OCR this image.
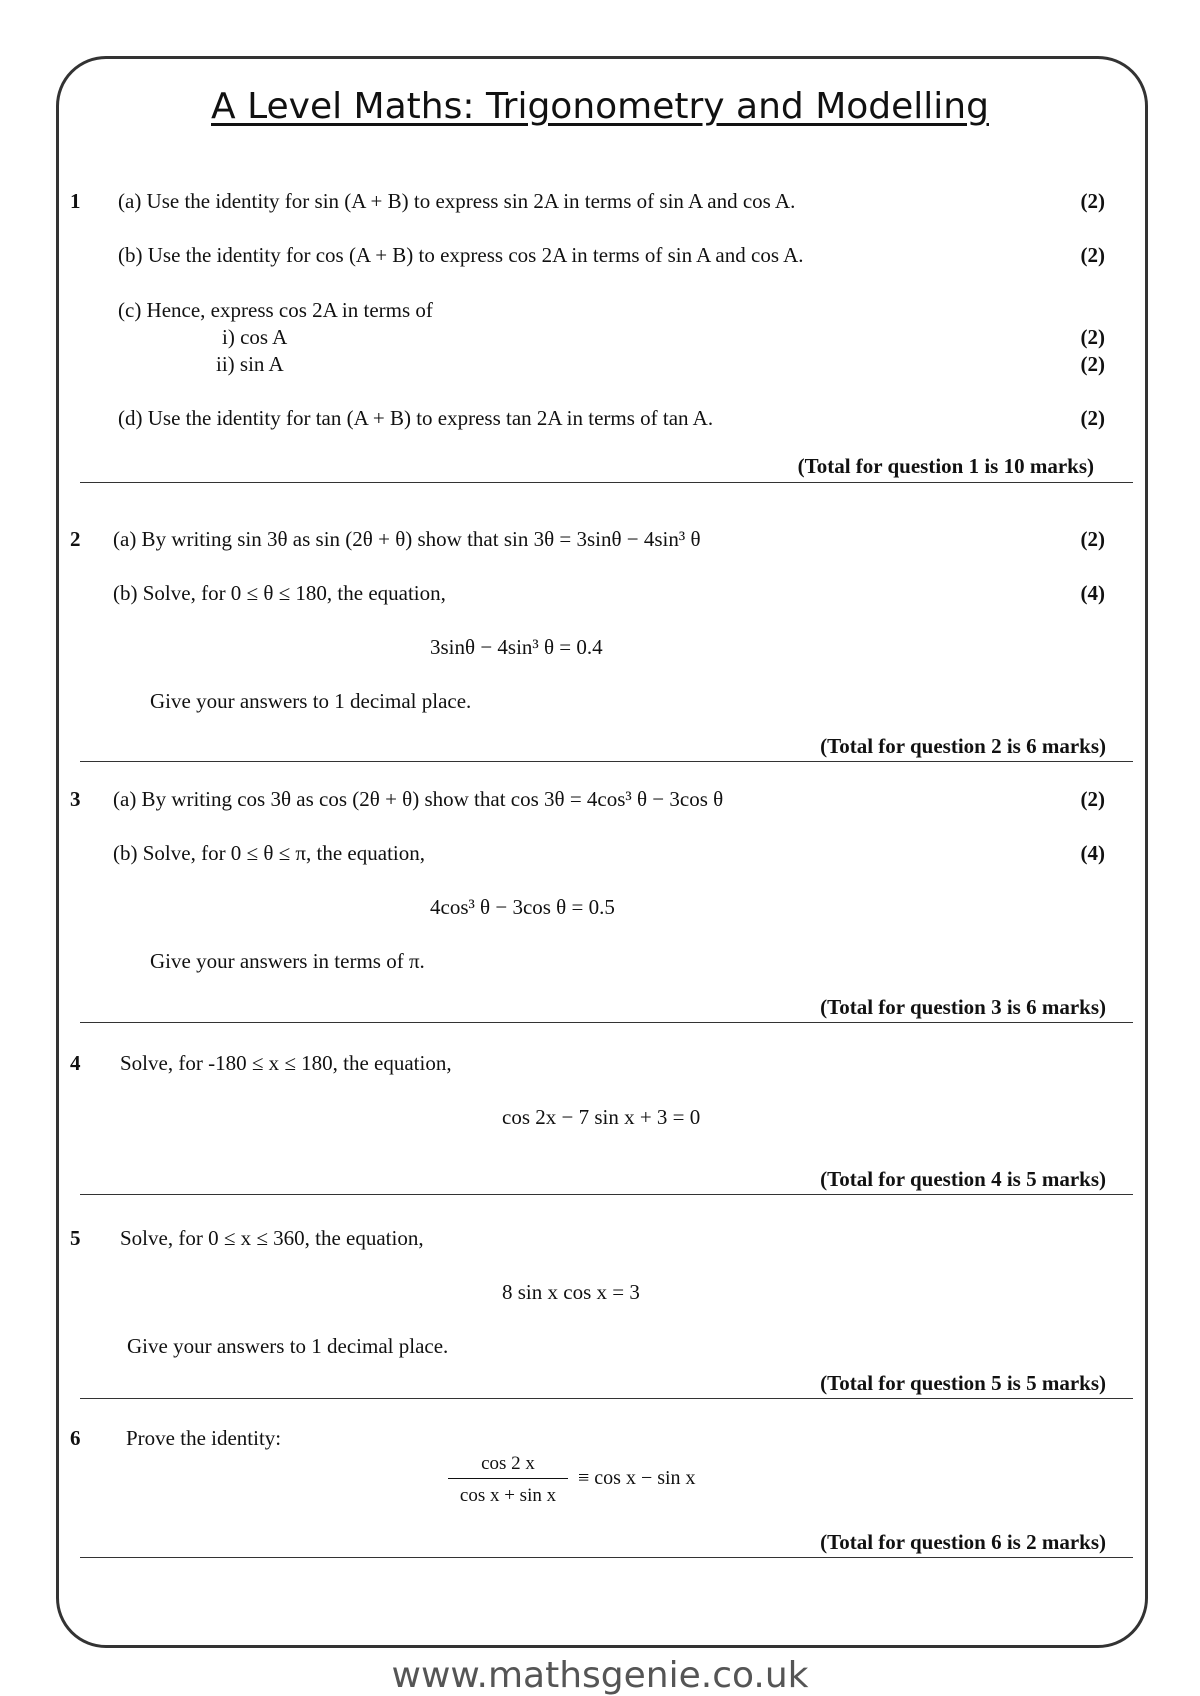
A Level Maths: Trigonometry and Modelling
1 (a) Use the identity for sin (A + B) to express sin 2A in terms of sin A and cos A.	(2)
(b) Use the identity for cos (A + B) to express cos 2A in terms of sin A and cos A.	(2)
(c) Hence, express cos 2A in terms of
i) cos A	(2)
ii) sin A	(2)
(d) Use the identity for tan (A + B) to express tan 2A in terms of tan A.	(2)
(Total for question 1 is 10 marks)
2 (a) By writing sin 3θ as sin (2θ + θ) show that sin 3θ = 3sinθ − 4sin³ θ	(2)
(b) Solve, for 0 ≤ θ ≤ 180, the equation,	(4)
3sinθ − 4sin³ θ = 0.4
Give your answers to 1 decimal place.
(Total for question 2 is 6 marks)
3 (a) By writing cos 3θ as cos (2θ + θ) show that cos 3θ = 4cos³ θ − 3cos θ	(2)
(b) Solve, for 0 ≤ θ ≤ π, the equation,	(4)
4cos³ θ − 3cos θ = 0.5
Give your answers in terms of π.
(Total for question 3 is 6 marks)
4 Solve, for -180 ≤ x ≤ 180, the equation,
cos 2x − 7 sin x + 3 = 0
(Total for question 4 is 5 marks)
5 Solve, for 0 ≤ x ≤ 360, the equation,
8 sin x cos x = 3
Give your answers to 1 decimal place.
(Total for question 5 is 5 marks)
6 Prove the identity:
cos 2 x
cos x + sin x
≡ cos x − sin x
(Total for question 6 is 2 marks)
www.mathsgenie.co.uk
